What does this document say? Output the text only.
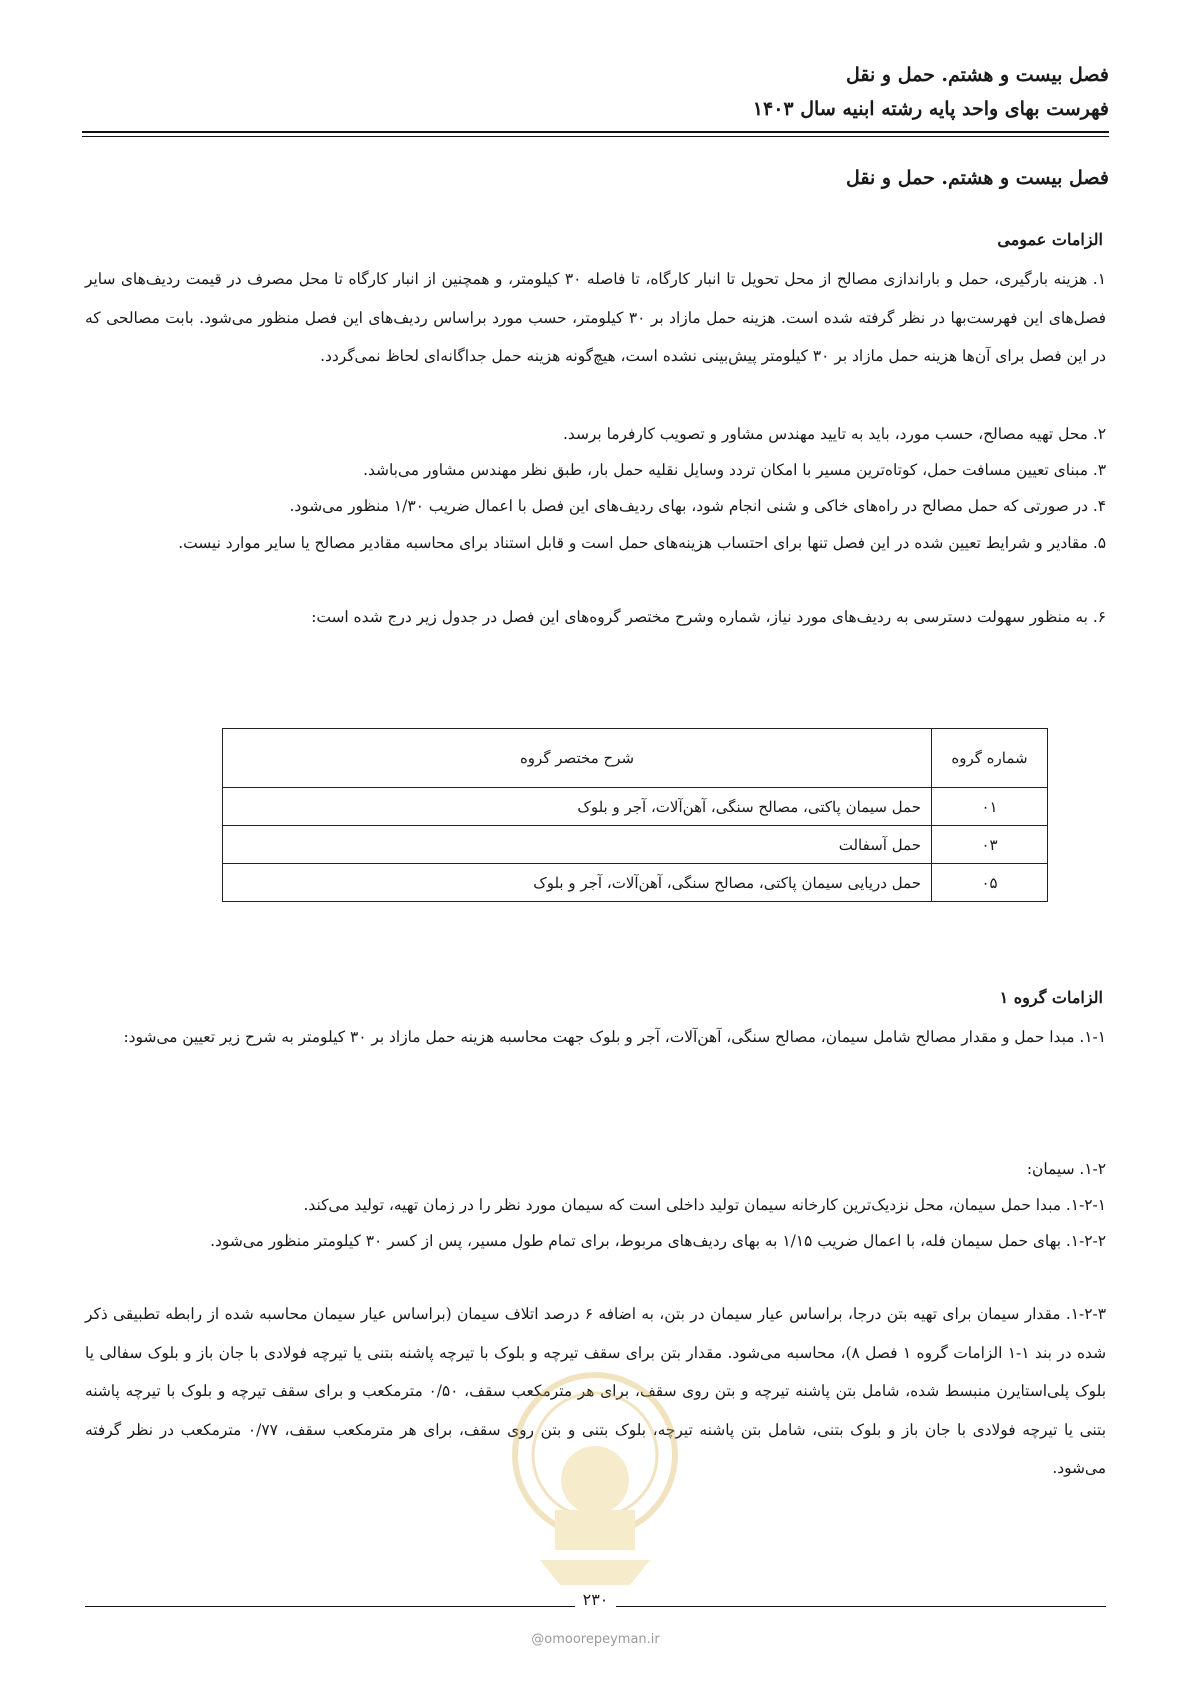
فصل بیست و هشتم. حمل و نقل
فهرست بهای واحد پایه رشته ابنیه سال ۱۴۰۳
فصل بیست و هشتم. حمل و نقل
الزامات عمومی
۱. هزینه بارگیری، حمل و باراندازی مصالح از محل تحویل تا انبار کارگاه، تا فاصله ۳۰ کیلومتر، و همچنین از انبار کارگاه تا محل مصرف در قیمت ردیف‌های سایر فصل‌های این فهرست‌بها در نظر گرفته شده است. هزینه حمل مازاد بر ۳۰ کیلومتر، حسب مورد براساس ردیف‌های این فصل منظور می‌شود. بابت مصالحی که در این فصل برای آن‌ها هزینه حمل مازاد بر ۳۰ کیلومتر پیش‌بینی نشده است، هیچ‌گونه هزینه حمل جداگانه‌ای لحاظ نمی‌گردد.
۲. محل تهیه مصالح، حسب مورد، باید به تایید مهندس مشاور و تصویب کارفرما برسد.
۳. مبنای تعیین مسافت حمل، کوتاه‌ترین مسیر با امکان تردد وسایل نقلیه حمل بار، طبق نظر مهندس مشاور می‌باشد.
۴. در صورتی که حمل مصالح در راه‌های خاکی و شنی انجام شود، بهای ردیف‌های این فصل با اعمال ضریب ۱/۳۰ منظور می‌شود.
۵. مقادیر و شرایط تعیین شده در این فصل تنها برای احتساب هزینه‌های حمل است و قابل استناد برای محاسبه مقادیر مصالح یا سایر موارد نیست.
۶. به منظور سهولت دسترسی به ردیف‌های مورد نیاز، شماره وشرح مختصر گروه‌های این فصل در جدول زیر درج شده است:
شماره گروه	شرح مختصر گروه
۰۱	حمل سیمان پاکتی، مصالح سنگی، آهن‌آلات، آجر و بلوک
۰۳	حمل آسفالت
۰۵	حمل دریایی سیمان پاکتی، مصالح سنگی، آهن‌آلات، آجر و بلوک
الزامات گروه ۱
۱-۱. مبدا حمل و مقدار مصالح شامل سیمان، مصالح سنگی، آهن‌آلات، آجر و بلوک جهت محاسبه هزینه حمل مازاد بر ۳۰ کیلومتر به شرح زیر تعیین می‌شود:
۱-۲. سیمان:
۱-۲-۱. مبدا حمل سیمان، محل نزدیک‌ترین کارخانه سیمان تولید داخلی است که سیمان مورد نظر را در زمان تهیه، تولید می‌کند.
۱-۲-۲. بهای حمل سیمان فله، با اعمال ضریب ۱/۱۵ به بهای ردیف‌های مربوط، برای تمام طول مسیر، پس از کسر ۳۰ کیلومتر منظور می‌شود.
۱-۲-۳. مقدار سیمان برای تهیه بتن درجا، براساس عیار سیمان در بتن، به اضافه ۶ درصد اتلاف سیمان (براساس عیار سیمان محاسبه شده از رابطه تطبیقی ذکر شده در بند ۱-۱ الزامات گروه ۱ فصل ۸)، محاسبه می‌شود. مقدار بتن برای سقف تیرچه و بلوک با تیرچه پاشنه بتنی یا تیرچه فولادی با جان باز و بلوک سفالی یا بلوک پلی‌استایرن منبسط شده، شامل بتن پاشنه تیرچه و بتن روی سقف، برای هر مترمکعب سقف، ۰/۵۰ مترمکعب و برای سقف تیرچه و بلوک با تیرچه پاشنه بتنی یا تیرچه فولادی با جان باز و بلوک بتنی، شامل بتن پاشنه تیرچه، بلوک بتنی و بتن روی سقف، برای هر مترمکعب سقف، ۰/۷۷ مترمکعب در نظر گرفته می‌شود.
۲۳۰
@omoorepeyman.ir
